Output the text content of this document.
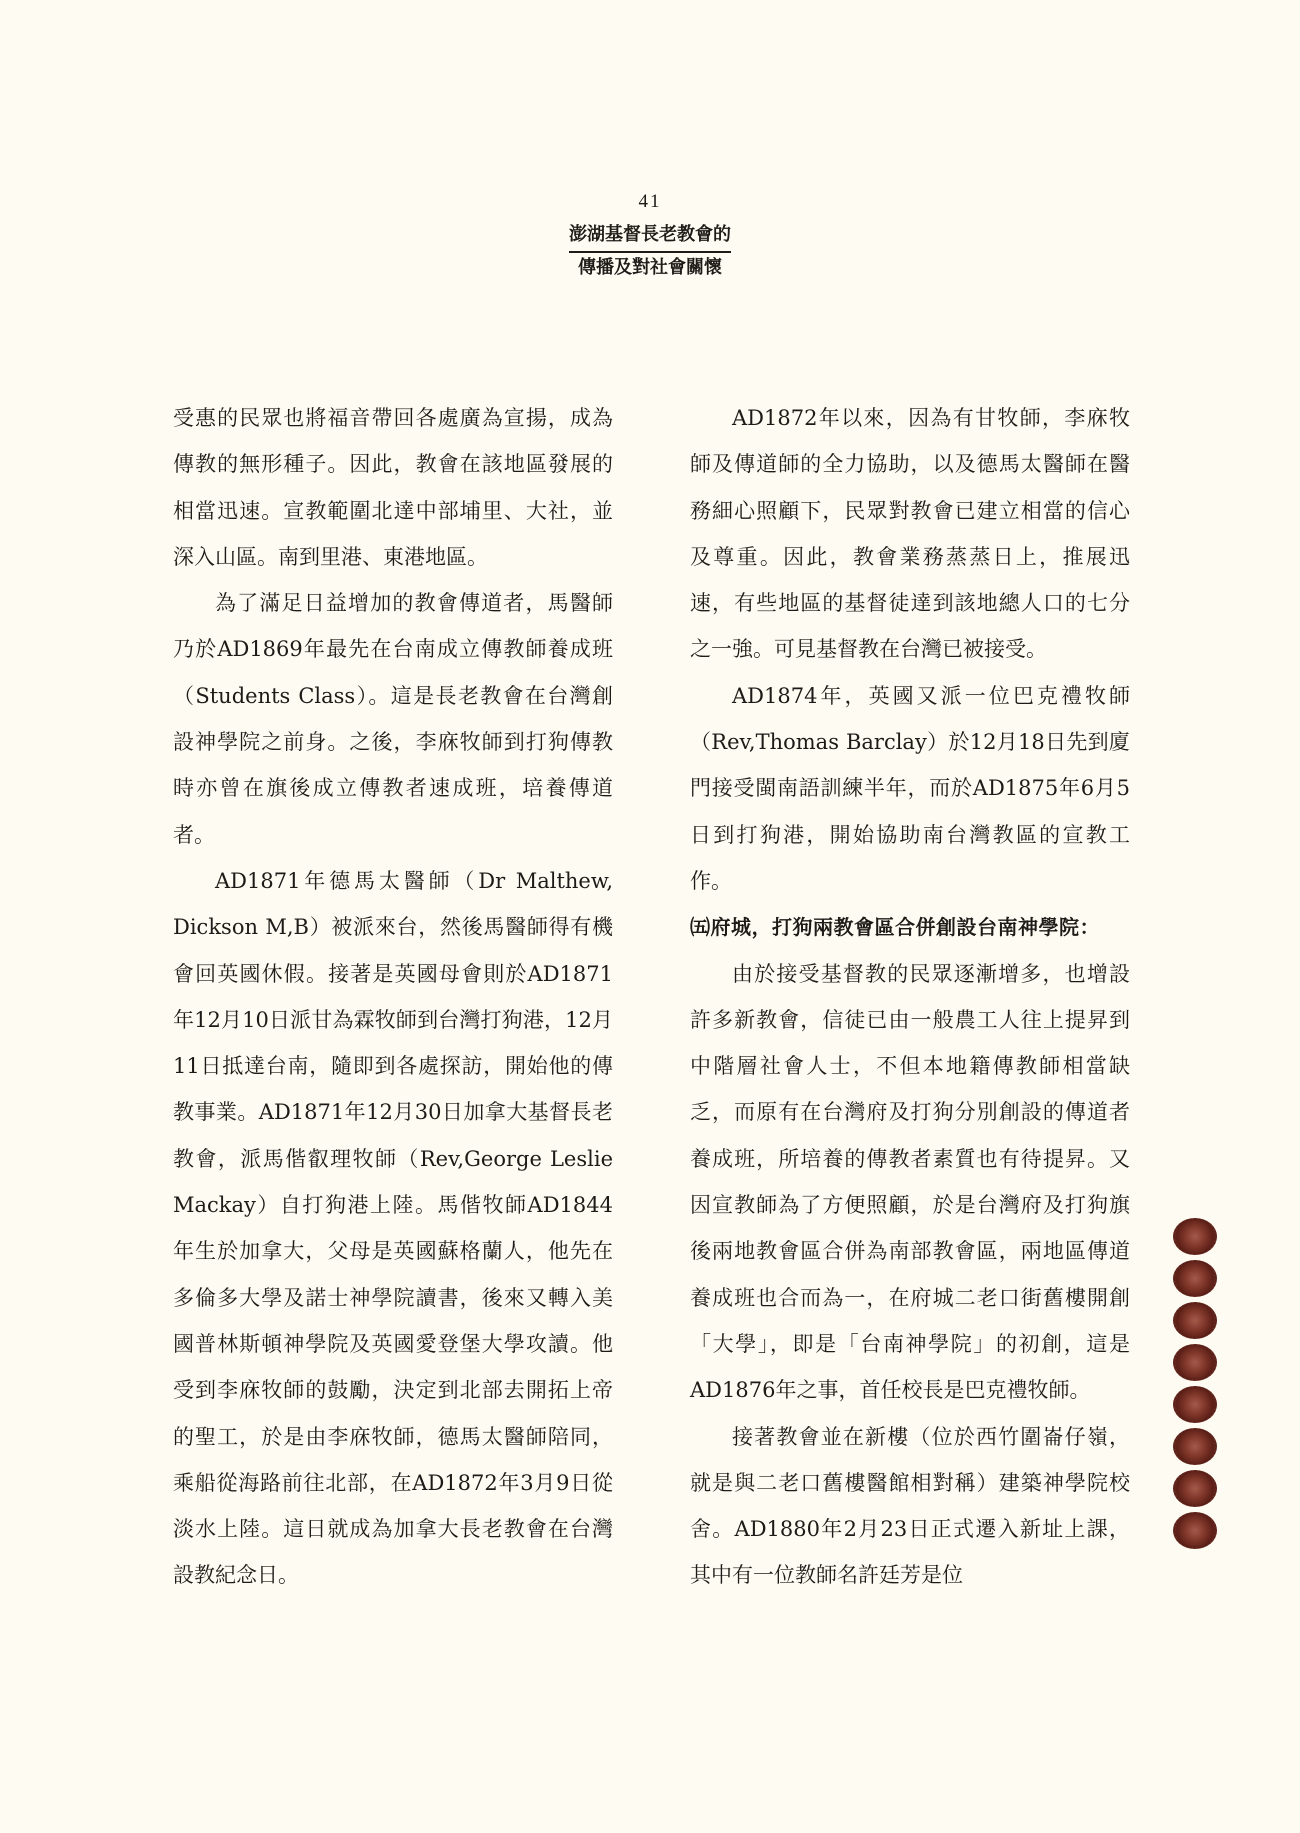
41
澎湖基督長老教會的
傳播及對社會關懷

受惠的民眾也將福音帶回各處廣為宣揚，成為傳教的無形種子。因此，教會在該地區發展的相當迅速。宣教範圍北達中部埔里、大社，並深入山區。南到里港、東港地區。

為了滿足日益增加的教會傳道者，馬醫師乃於AD1869年最先在台南成立傳教師養成班（Students Class）。這是長老教會在台灣創設神學院之前身。之後，李庥牧師到打狗傳教時亦曾在旗後成立傳教者速成班，培養傳道者。

AD1871年德馬太醫師（Dr Malthew, Dickson M,B）被派來台，然後馬醫師得有機會回英國休假。接著是英國母會則於AD1871年12月10日派甘為霖牧師到台灣打狗港，12月11日抵達台南，隨即到各處探訪，開始他的傳教事業。AD1871年12月30日加拿大基督長老教會，派馬偕叡理牧師（Rev,George Leslie Mackay）自打狗港上陸。馬偕牧師AD1844年生於加拿大，父母是英國蘇格蘭人，他先在多倫多大學及諾士神學院讀書，後來又轉入美國普林斯頓神學院及英國愛登堡大學攻讀。他受到李庥牧師的鼓勵，決定到北部去開拓上帝的聖工，於是由李庥牧師，德馬太醫師陪同，乘船從海路前往北部，在AD1872年3月9日從淡水上陸。這日就成為加拿大長老教會在台灣設教紀念日。

AD1872年以來，因為有甘牧師，李庥牧師及傳道師的全力協助，以及德馬太醫師在醫務細心照顧下，民眾對教會已建立相當的信心及尊重。因此，教會業務蒸蒸日上，推展迅速，有些地區的基督徒達到該地總人口的七分之一強。可見基督教在台灣已被接受。

AD1874年，英國又派一位巴克禮牧師（Rev,Thomas Barclay）於12月18日先到廈門接受閩南語訓練半年，而於AD1875年6月5日到打狗港，開始協助南台灣教區的宣教工作。

㈤府城，打狗兩教會區合併創設台南神學院：

由於接受基督教的民眾逐漸增多，也增設許多新教會，信徒已由一般農工人往上提昇到中階層社會人士，不但本地籍傳教師相當缺乏，而原有在台灣府及打狗分別創設的傳道者養成班，所培養的傳教者素質也有待提昇。又因宣教師為了方便照顧，於是台灣府及打狗旗後兩地教會區合併為南部教會區，兩地區傳道養成班也合而為一，在府城二老口街舊樓開創「大學」，即是「台南神學院」的初創，這是AD1876年之事，首任校長是巴克禮牧師。

接著教會並在新樓（位於西竹圍崙仔嶺，就是與二老口舊樓醫館相對稱）建築神學院校舍。AD1880年2月23日正式遷入新址上課，其中有一位教師名許廷芳是位
